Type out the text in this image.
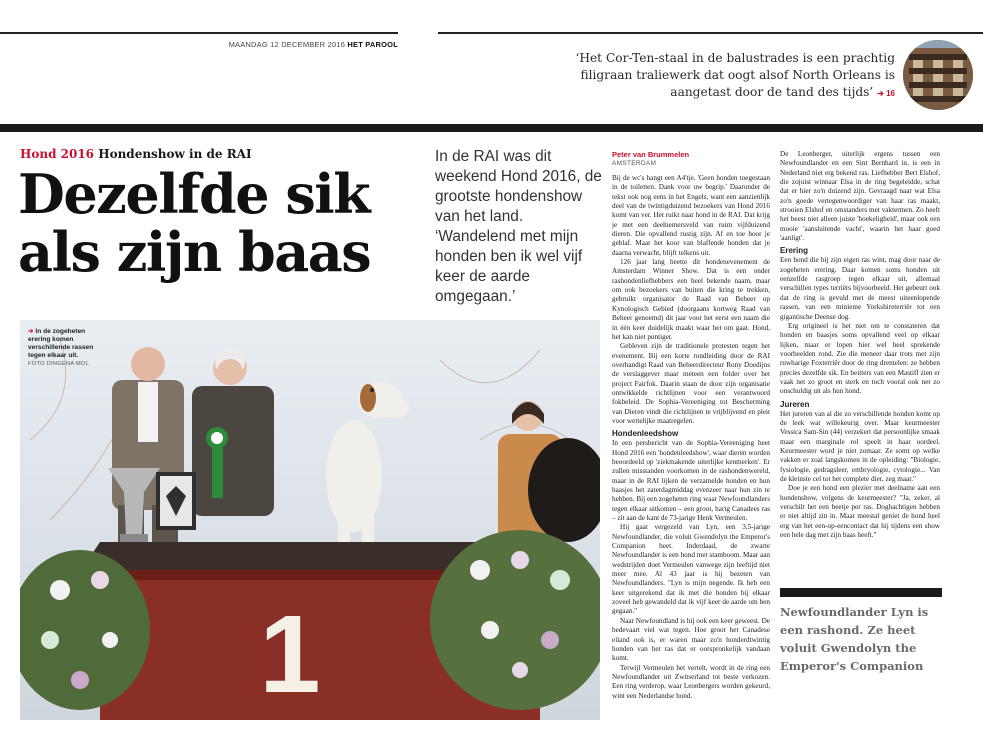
MAANDAG 12 DECEMBER 2016 HET PAROOL
‘Het Cor-Ten-staal in de balustrades is een prachtig filigraan traliewerk dat oogt alsof North Orleans is aangetast door de tand des tijds’ ➔ 16
Hond 2016 Hondenshow in de RAI
Dezelfde sik
als zijn baas
In de RAI was dit weekend Hond 2016, de grootste hondenshow van het land. ‘Wandelend met mijn honden ben ik wel vijf keer de aarde omgegaan.’
1
➔ In de zogeheten erering komen verschillende rassen tegen elkaar uit. FOTO DINGENA MOL
Peter van Brummelen
AMSTERDAM

Bij de wc's hangt een A4'tje. 'Geen honden toegestaan in de toiletten. Dank voor uw begrip.' Daaronder de tekst ook nog eens in het Engels, want een aanzienlijk deel van de twintigduizend bezoekers van Hond 2016 komt van ver. Het ruikt naar hond in de RAI. Dat krijg je met een deelnemersveld van ruim vijfduizend dieren. Die opvallend rustig zijn. Af en toe hoor je geblaf. Maar het koor van blaffende honden dat je daarna verwacht, blijft telkens uit.

126 jaar lang heette dit hondenevenement de Amsterdam Winner Show. Dat is een onder rashondenliefhebbers een heel bekende naam, maar om ook bezoekers van buiten die kring te trekken, gebruikt organisator de Raad van Beheer op Kynologisch Gebied (doorgaans kortweg Raad van Beheer genoemd) dit jaar voor het eerst een naam die in één keer duidelijk maakt waar het om gaat. Hond, het kan niet puntiger.

Gebleven zijn de traditionele protesten tegen het evenement. Bij een korte rondleiding door de RAI overhandigt Raad van Beheerdirecteur Rony Doedijns de verslaggever maar meteen een folder over het project Fairfok. Daarin staan de door zijn organisatie ontwikkelde richtlijnen voor een verantwoord fokbeleid. De Sophia-Vereeniging tot Bescherming van Dieren vindt die richtlijnen te vrijblijvend en pleit voor wettelijke maatregelen.

Hondenleedshow

In een persbericht van de Sophia-Vereeniging heet Hond 2016 een 'hondenleedshow', waar dieren worden beoordeeld op 'ziekmakende uiterlijke kenmerken'. Er zullen misstanden voorkomen in de rashondenwereld, maar in de RAI lijken de verzamelde honden en hun baasjes het zaterdagmiddag evenzeer naar hun zin te hebben. Bij een zogeheten ring waar Newfoundlanders tegen elkaar uitkomen – een groot, harig Canadees ras – zit aan de kant de 73-jarige Henk Vermeulen.

Hij gaat vergezeld van Lyn, een 3,5-jarige Newfoundlander, die voluit Gwendolyn the Emperor's Companion heet. Inderdaad, de zwarte Newfoundlander is een hond met stamboom. Maar aan wedstrijden doet Vermeulen vanwege zijn leeftijd niet meer mee. Al 43 jaar is hij bezeten van Newfoundlanders. "Lyn is mijn negende. Ik heb een keer uitgerekend dat ik met die honden bij elkaar zoveel heb gewandeld dat ik vijf keer de aarde om ben gegaan."

Naar Newfoundland is hij ook een keer geweest. De bedevaart viel wat tegen. Hoe groot het Canadese eiland ook is, er waren maar zo'n honderdtwintig honden van het ras dat er oorspronkelijk vandaan komt.

Terwijl Vermeulen het vertelt, wordt in de ring een Newfoundlander uit Zwitserland tot beste verkozen. Een ring verderop, waar Leonbergers worden gekeurd, wint een Nederlandse hond.

De Leonberger, uiterlijk ergens tussen een Newfoundlander en een Sint Bernhard in, is een in Nederland niet erg bekend ras. Liefhebber Bert Elshof, die zojuist winnaar Elsa in de ring begeleidde, schat dat er hier zo'n duizend zijn. Gevraagd naar wat Elsa zo'n goede vertegenwoordiger van haar ras maakt, strooien Elshof en omstanders met vaktermen. Zo heeft het beest niet alleen juiste 'hoekeligheid', maar ook een mooie 'aansluitende vacht', waarin het haar goed 'aanligt'.

Erering

Een hond die bij zijn eigen ras wint, mag door naar de zogeheten erering. Daar komen soms honden uit eenzelfde rasgroep tegen elkaar uit, allemaal verschillen types terriërs bijvoorbeeld. Het gebeurt ook dat de ring is gevuld met de meest uiteenlopende rassen, van een minieme Yorkshireterriër tot een gigantische Deense dog.

Erg origineel is het niet om te constateren dat honden en baasjes soms opvallend veel op elkaar lijken, maar er lopen hier wel heel sprekende voorbeelden rond. Zie die meneer daar trots met zijn ruwharige Foxterriër door de ring drentelen: ze hebben precies dezelfde sik. En beitters van een Mastiff zien er vaak net zo groot en sterk en toch vooral ook net zo onschuldig uit als hun hond.

Jureren

Het jureren van al die zo verschillende honden komt op de leek wat willekeurig over. Maar keurmeester Vessica Sam-Sin (44) verzekert dat persoonlijke smaak maar een marginale rol speelt in haar oordeel. Keurmeester word je niet zomaar. Ze somt op welke vakken er zoal langskomen in de opleiding: "Biologie, fysiologie, gedragsleer, embryologie, cytologie... Van de kleinste cel tot het complete dier, zeg maar."

Doe je een hond een plezier met deelname aan een hondenshow, volgens de keurmeester? "Ja, zeker, al verschilt het een beetje per ras. Doghachtigen hebben er niet altijd zin in. Maar meestal geniet de hond heel erg van het een-op-eencontact dat hij tijdens een show een hele dag met zijn baas heeft."

Newfoundlander Lyn is een rashond. Ze heet voluit Gwendolyn the Emperor's Companion
